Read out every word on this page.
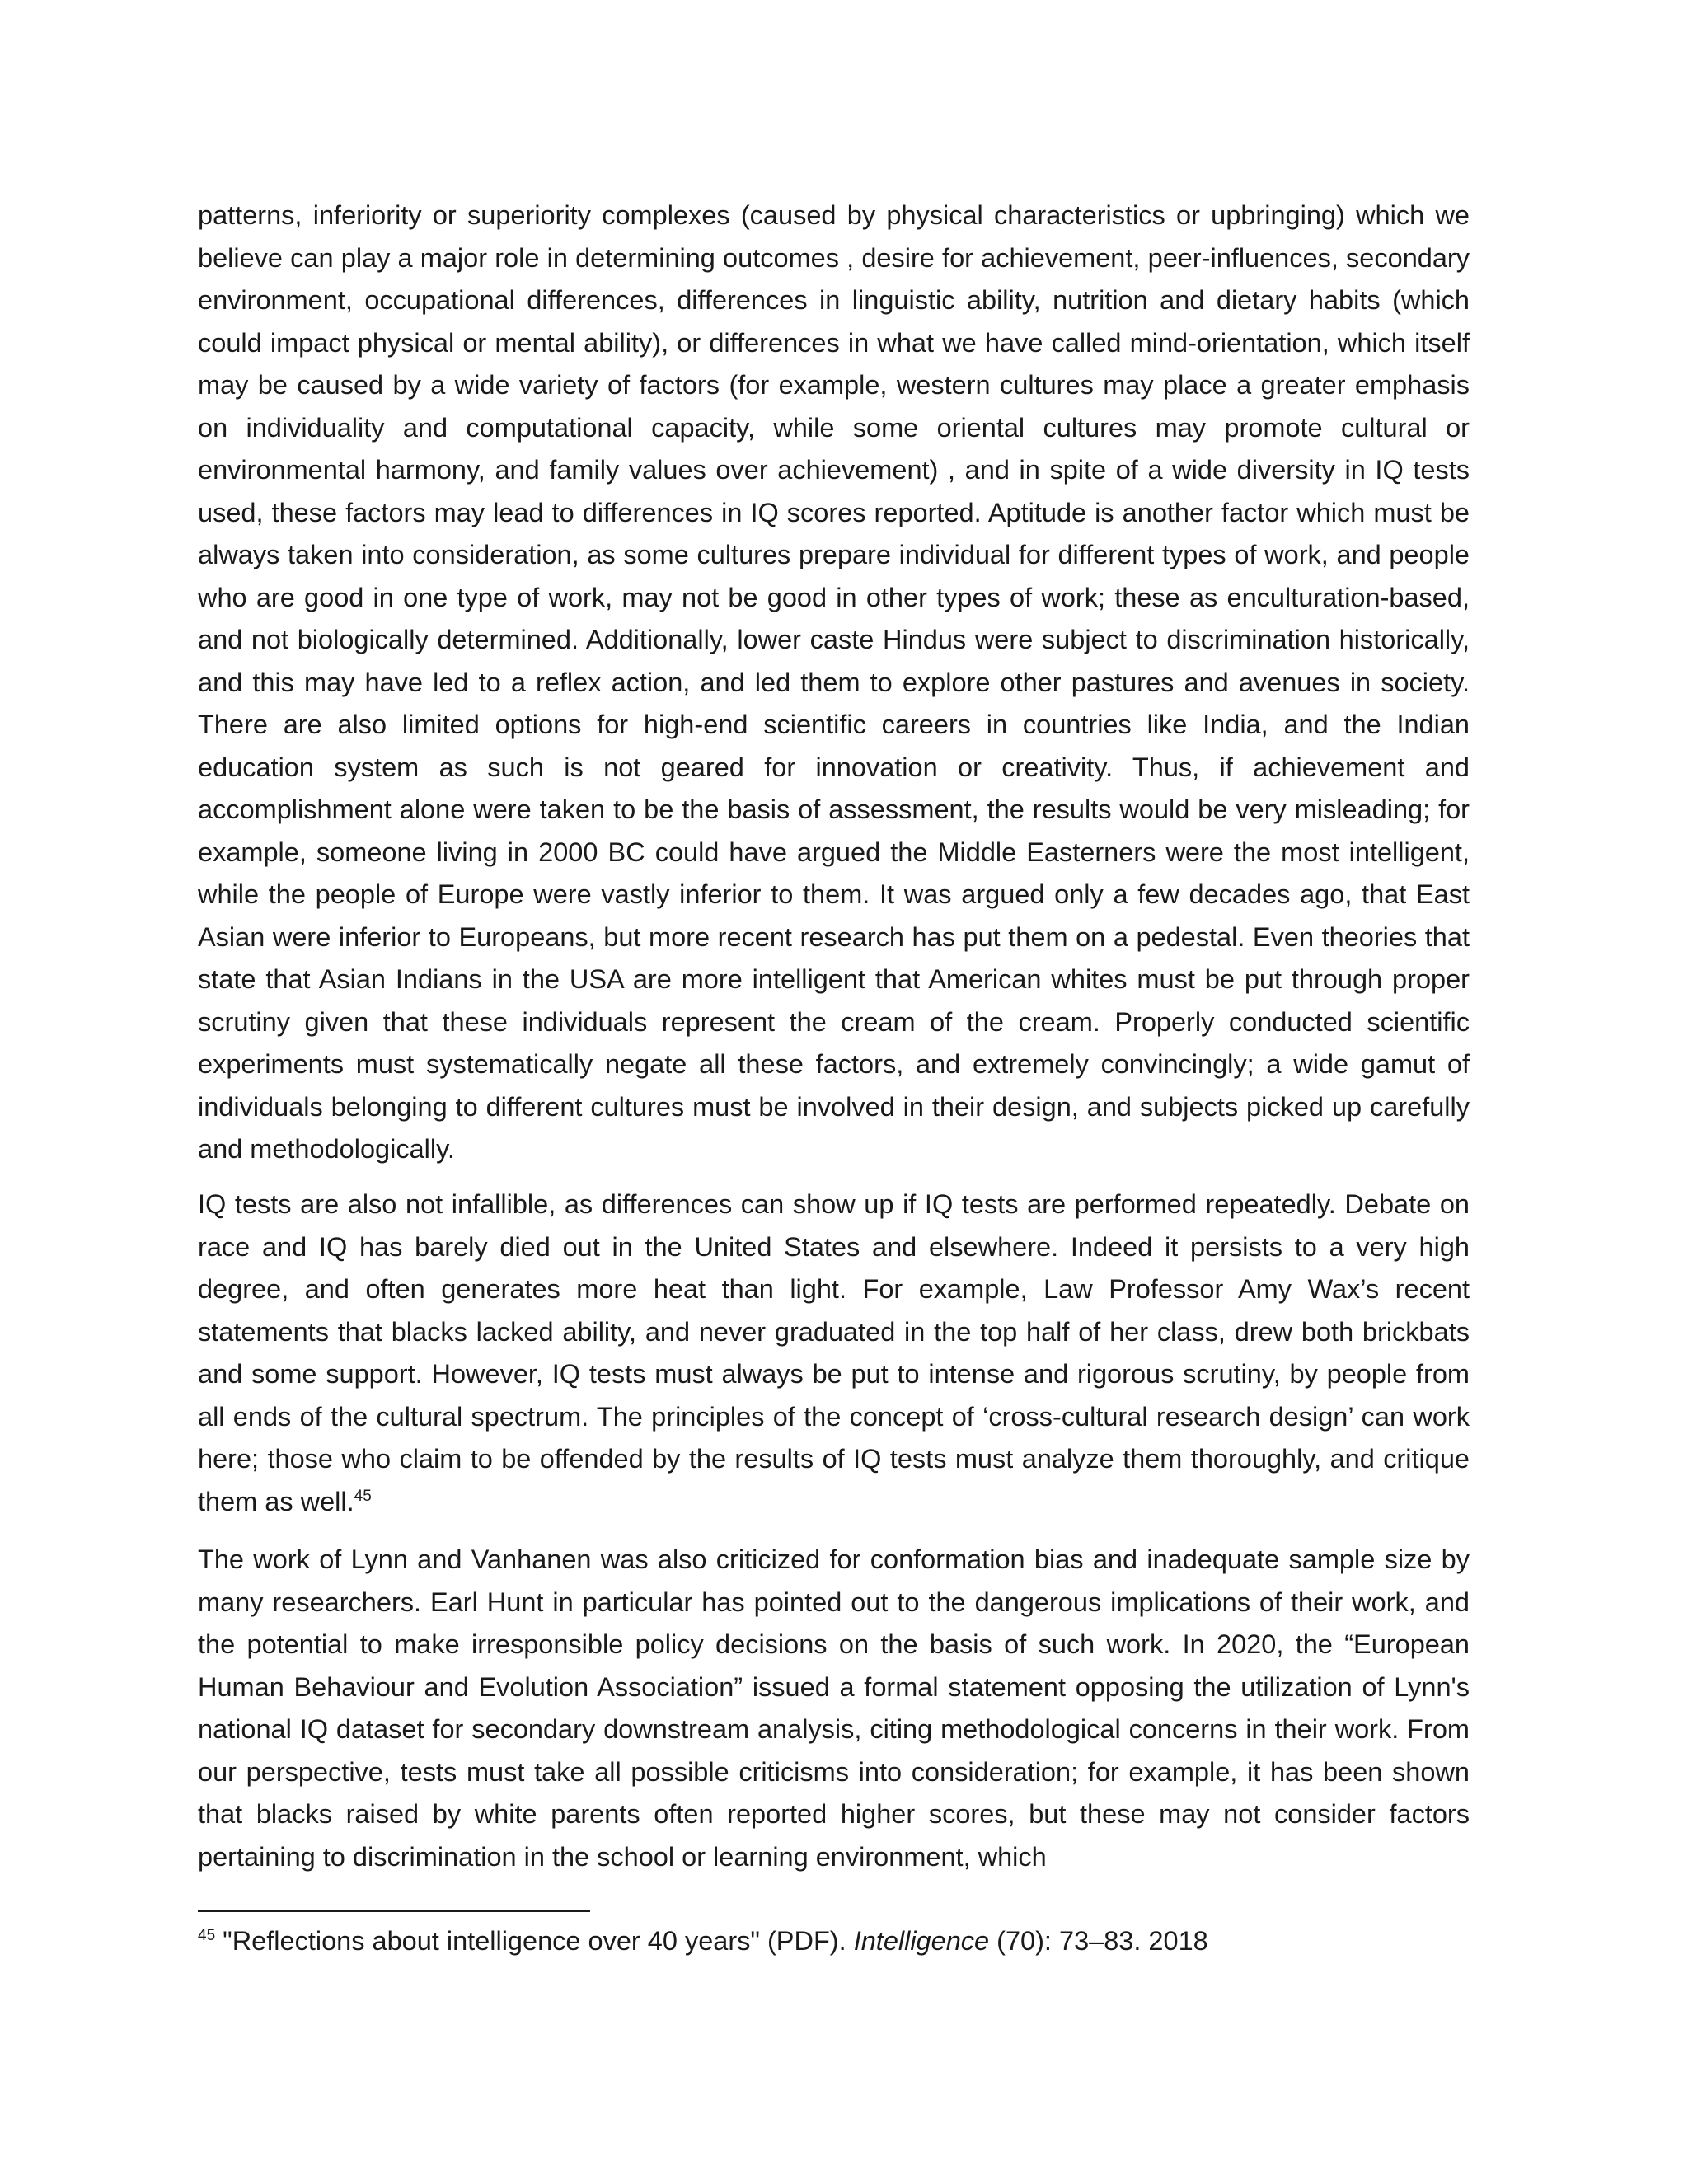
patterns, inferiority or superiority complexes (caused by physical characteristics or upbringing) which we believe can play a major role in determining outcomes , desire for achievement, peer-influences, secondary environment, occupational differences, differences in linguistic ability, nutrition and dietary habits (which could impact physical or mental ability), or differences in what we have called mind-orientation, which itself may be caused by a wide variety of factors (for example, western cultures may place a greater emphasis on individuality and computational capacity, while some oriental cultures may promote cultural or environmental harmony, and family values over achievement) , and in spite of a wide diversity in IQ tests used, these factors may lead to differences in IQ scores reported. Aptitude is another factor which must be always taken into consideration, as some cultures prepare individual for different types of work, and people who are good in one type of work, may not be good in other types of work; these as enculturation-based, and not biologically determined. Additionally, lower caste Hindus were subject to discrimination historically, and this may have led to a reflex action, and led them to explore other pastures and avenues in society. There are also limited options for high-end scientific careers in countries like India, and the Indian education system as such is not geared for innovation or creativity. Thus, if achievement and accomplishment alone were taken to be the basis of assessment, the results would be very misleading; for example, someone living in 2000 BC could have argued the Middle Easterners were the most intelligent, while the people of Europe were vastly inferior to them. It was argued only a few decades ago, that East Asian were inferior to Europeans, but more recent research has put them on a pedestal. Even theories that state that Asian Indians in the USA are more intelligent that American whites must be put through proper scrutiny given that these individuals represent the cream of the cream. Properly conducted scientific experiments must systematically negate all these factors, and extremely convincingly; a wide gamut of individuals belonging to different cultures must be involved in their design, and subjects picked up carefully and methodologically.

IQ tests are also not infallible, as differences can show up if IQ tests are performed repeatedly. Debate on race and IQ has barely died out in the United States and elsewhere. Indeed it persists to a very high degree, and often generates more heat than light. For example, Law Professor Amy Wax’s recent statements that blacks lacked ability, and never graduated in the top half of her class, drew both brickbats and some support. However, IQ tests must always be put to intense and rigorous scrutiny, by people from all ends of the cultural spectrum. The principles of the concept of ‘cross-cultural research design’ can work here; those who claim to be offended by the results of IQ tests must analyze them thoroughly, and critique them as well.$^{45}$

The work of Lynn and Vanhanen was also criticized for conformation bias and inadequate sample size by many researchers. Earl Hunt in particular has pointed out to the dangerous implications of their work, and the potential to make irresponsible policy decisions on the basis of such work. In 2020, the “European Human Behaviour and Evolution Association” issued a formal statement opposing the utilization of Lynn's national IQ dataset for secondary downstream analysis, citing methodological concerns in their work. From our perspective, tests must take all possible criticisms into consideration; for example, it has been shown that blacks raised by white parents often reported higher scores, but these may not consider factors pertaining to discrimination in the school or learning environment, which

$^{45}$ "Reflections about intelligence over 40 years" (PDF). Intelligence (70): 73–83. 2018
